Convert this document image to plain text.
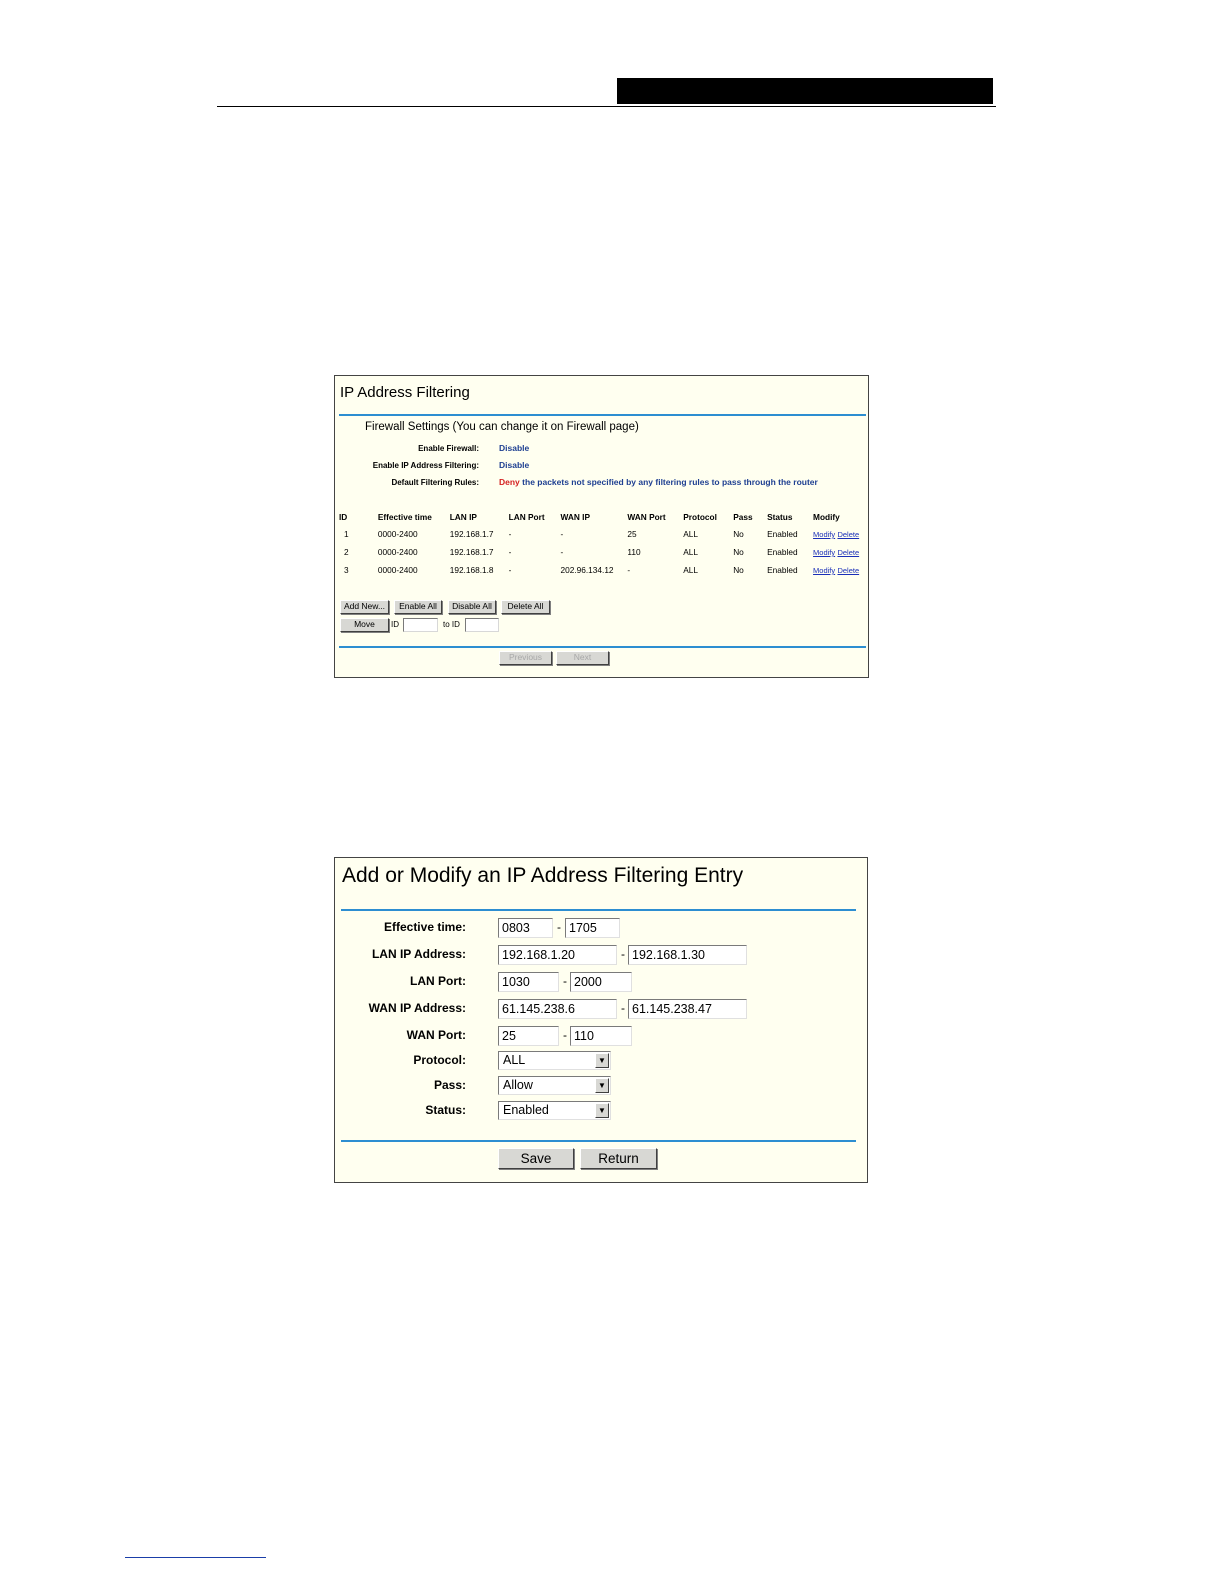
IP Address Filtering
Firewall Settings (You can change it on Firewall page)
Enable Firewall: Disable
Enable IP Address Filtering: Disable
Default Filtering Rules: Deny the packets not specified by any filtering rules to pass through the router
ID	Effective time	LAN IP	LAN Port	WAN IP	WAN Port	Protocol	Pass	Status	Modify
1	0000-2400	192.168.1.7	-	-	25	ALL	No	Enabled	Modify Delete
2	0000-2400	192.168.1.7	-	-	110	ALL	No	Enabled	Modify Delete
3	0000-2400	192.168.1.8	-	202.96.134.12	-	ALL	No	Enabled	Modify Delete
Add New...	Enable All	Disable All	Delete All
Move	ID	to ID
Previous	Next
Add or Modify an IP Address Filtering Entry
Effective time:	0803	- 1705
LAN IP Address:	192.168.1.20	- 192.168.1.30
LAN Port:	1030	- 2000
WAN IP Address:	61.145.238.6	- 61.145.238.47
WAN Port:	25	- 110
Protocol:	ALL	▼
Pass:	Allow	▼
Status:	Enabled	▼
Save	Return
